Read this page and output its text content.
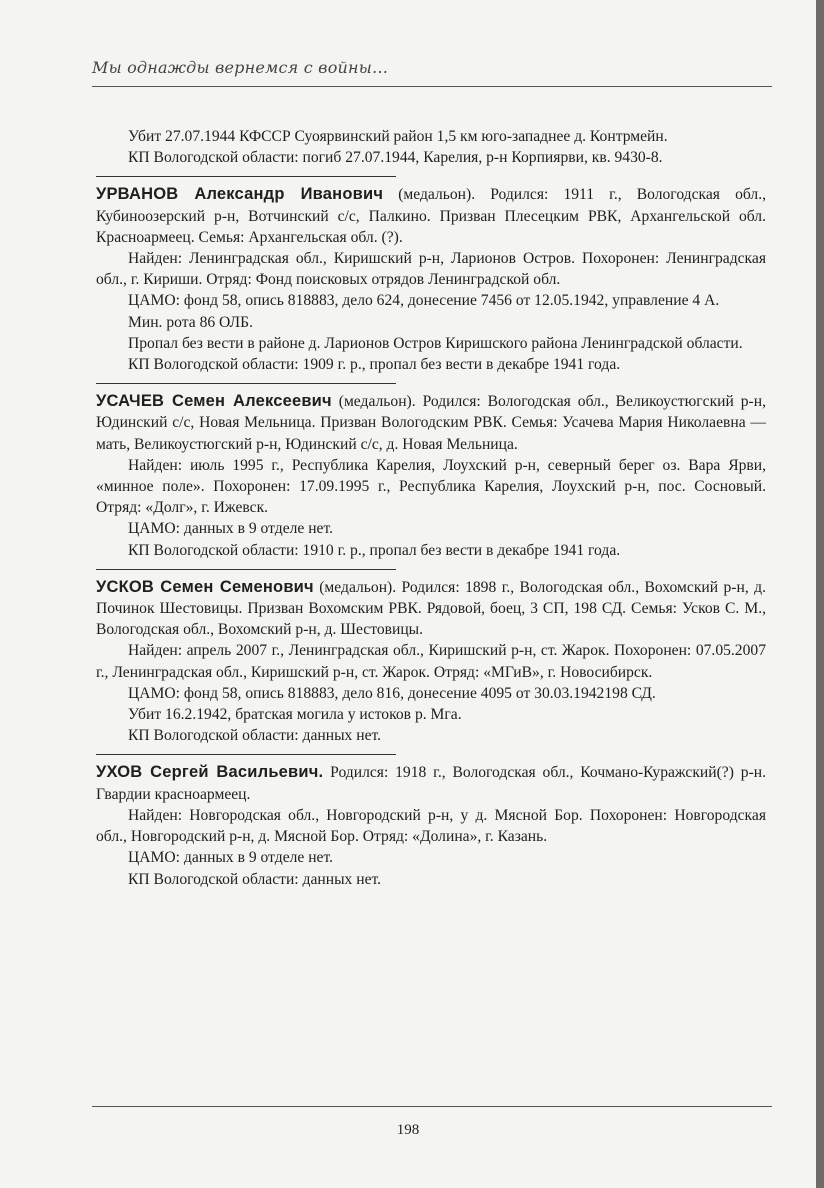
Мы однажды вернемся с войны…

Убит 27.07.1944 КФССР Суоярвинский район 1,5 км юго-западнее д. Контрмейн.

КП Вологодской области: погиб 27.07.1944, Карелия, р-н Корпиярви, кв. 9430-8.

УРВАНОВ Александр Иванович (медальон). Родился: 1911 г., Вологодская обл., Кубиноозерский р-н, Вотчинский с/с, Палкино. Призван Плесецким РВК, Архангельской обл. Красноармеец. Семья: Архангельская обл. (?).

Найден: Ленинградская обл., Киришский р-н, Ларионов Остров. Похоронен: Ленинградская обл., г. Кириши. Отряд: Фонд поисковых отрядов Ленинградской обл.

ЦАМО: фонд 58, опись 818883, дело 624, донесение 7456 от 12.05.1942, управление 4 А.

Мин. рота 86 ОЛБ.

Пропал без вести в районе д. Ларионов Остров Киришского района Ленинградской области.

КП Вологодской области: 1909 г. р., пропал без вести в декабре 1941 года.

УСАЧЕВ Семен Алексеевич (медальон). Родился: Вологодская обл., Великоустюгский р-н, Юдинский с/с, Новая Мельница. Призван Вологодским РВК. Семья: Усачева Мария Николаевна — мать, Великоустюгский р-н, Юдинский с/с, д. Новая Мельница.

Найден: июль 1995 г., Республика Карелия, Лоухский р-н, северный берег оз. Вара Ярви, «минное поле». Похоронен: 17.09.1995 г., Республика Карелия, Лоухский р-н, пос. Сосновый. Отряд: «Долг», г. Ижевск.

ЦАМО: данных в 9 отделе нет.

КП Вологодской области: 1910 г. р., пропал без вести в декабре 1941 года.

УСКОВ Семен Семенович (медальон). Родился: 1898 г., Вологодская обл., Вохомский р-н, д. Починок Шестовицы. Призван Вохомским РВК. Рядовой, боец, 3 СП, 198 СД. Семья: Усков С. М., Вологодская обл., Вохомский р-н, д. Шестовицы.

Найден: апрель 2007 г., Ленинградская обл., Киришский р-н, ст. Жарок. Похоронен: 07.05.2007 г., Ленинградская обл., Киришский р-н, ст. Жарок. Отряд: «МГиВ», г. Новосибирск.

ЦАМО: фонд 58, опись 818883, дело 816, донесение 4095 от 30.03.1942198 СД.

Убит 16.2.1942, братская могила у истоков р. Мга.

КП Вологодской области: данных нет.

УХОВ Сергей Васильевич. Родился: 1918 г., Вологодская обл., Кочмано-Куражский(?) р-н. Гвардии красноармеец.

Найден: Новгородская обл., Новгородский р-н, у д. Мясной Бор. Похоронен: Новгородская обл., Новгородский р-н, д. Мясной Бор. Отряд: «Долина», г. Казань.

ЦАМО: данных в 9 отделе нет.

КП Вологодской области: данных нет.

198
